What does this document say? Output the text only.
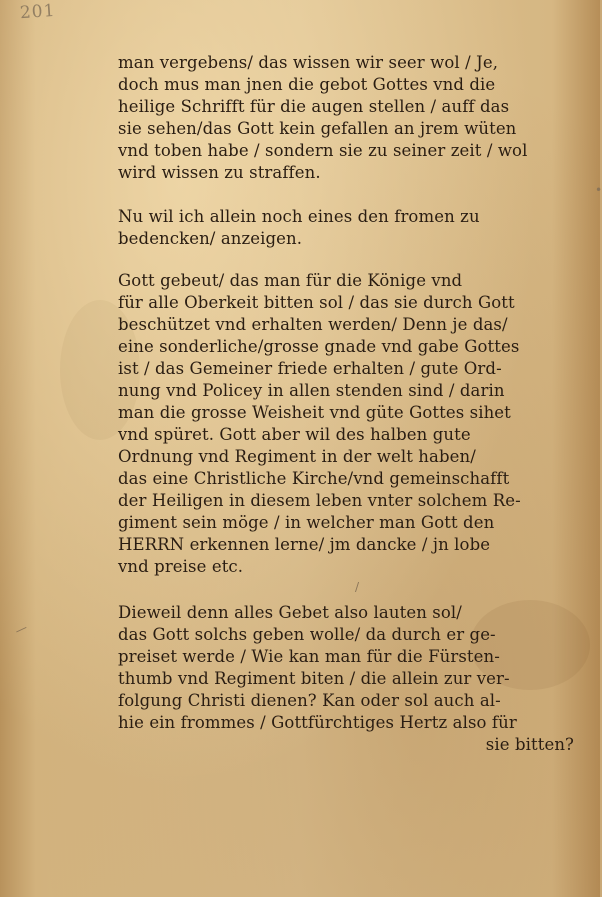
201
•
/
—
man vergebens/ das wissen wir seer wol / Je,
doch mus man jnen die gebot Gottes vnd die
heilige Schrifft für die augen stellen / auff das
sie sehen/das Gott kein gefallen an jrem wüten
vnd toben habe / sondern sie zu seiner zeit / wol
wird wissen zu straffen.
Nu wil ich allein noch eines den fromen zu
bedencken/ anzeigen.
Gott gebeut/ das man für die Könige vnd
für alle Oberkeit bitten sol / das sie durch Gott
beschützet vnd erhalten werden/ Denn je das/
eine sonderliche/grosse gnade vnd gabe Gottes
ist / das Gemeiner friede erhalten / gute Ord-
nung vnd Policey in allen stenden sind / darin
man die grosse Weisheit vnd güte Gottes sihet
vnd spüret. Gott aber wil des halben gute
Ordnung vnd Regiment in der welt haben/
das eine Christliche Kirche/vnd gemeinschafft
der Heiligen in diesem leben vnter solchem Re-
giment sein möge / in welcher man Gott den
HERRN erkennen lerne/ jm dancke / jn lobe
vnd preise etc.
Dieweil denn alles Gebet also lauten sol/
das Gott solchs geben wolle/ da durch er ge-
preiset werde / Wie kan man für die Fürsten-
thumb vnd Regiment biten / die allein zur ver-
folgung Christi dienen? Kan oder sol auch al-
hie ein frommes / Gottfürchtiges Hertz also für
sie bitten?
